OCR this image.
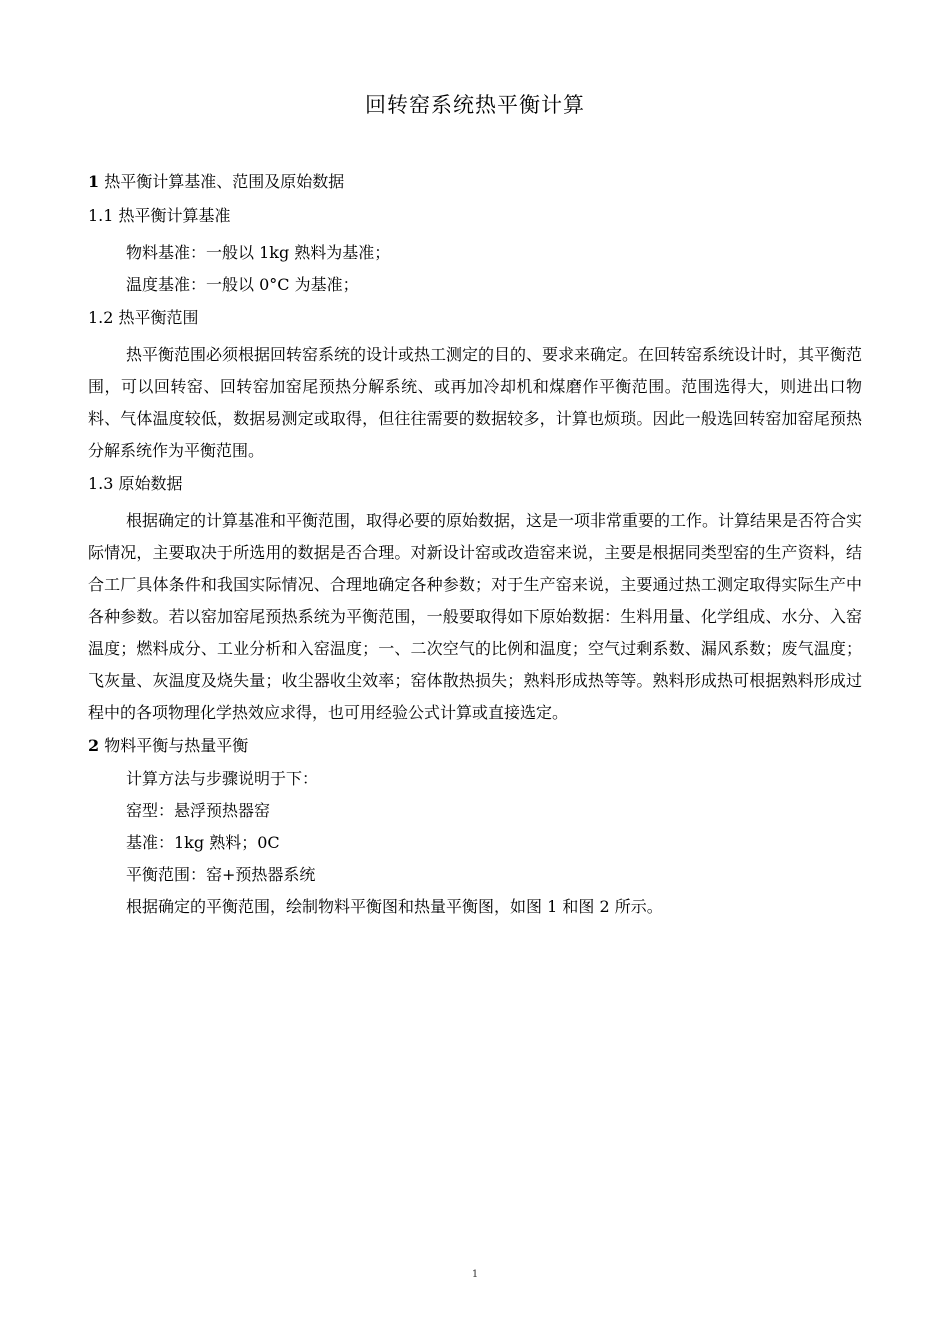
回转窑系统热平衡计算

1 热平衡计算基准、范围及原始数据

1.1 热平衡计算基准

物料基准：一般以 1kg 熟料为基准；

温度基准：一般以 0°C 为基准；

1.2 热平衡范围

热平衡范围必须根据回转窑系统的设计或热工测定的目的、要求来确定。在回转窑系统设计时，其平衡范围，可以回转窑、回转窑加窑尾预热分解系统、或再加冷却机和煤磨作平衡范围。范围选得大，则进出口物料、气体温度较低，数据易测定或取得，但往往需要的数据较多，计算也烦琐。因此一般选回转窑加窑尾预热分解系统作为平衡范围。

1.3 原始数据

根据确定的计算基准和平衡范围，取得必要的原始数据，这是一项非常重要的工作。计算结果是否符合实际情况，主要取决于所选用的数据是否合理。对新设计窑或改造窑来说，主要是根据同类型窑的生产资料，结合工厂具体条件和我国实际情况、合理地确定各种参数；对于生产窑来说，主要通过热工测定取得实际生产中各种参数。若以窑加窑尾预热系统为平衡范围，一般要取得如下原始数据：生料用量、化学组成、水分、入窑温度；燃料成分、工业分析和入窑温度；一、二次空气的比例和温度；空气过剩系数、漏风系数；废气温度；飞灰量、灰温度及烧失量；收尘器收尘效率；窑体散热损失；熟料形成热等等。熟料形成热可根据熟料形成过程中的各项物理化学热效应求得，也可用经验公式计算或直接选定。

2 物料平衡与热量平衡

计算方法与步骤说明于下：

窑型：悬浮预热器窑

基准：1kg 熟料；0C

平衡范围：窑+预热器系统

根据确定的平衡范围，绘制物料平衡图和热量平衡图，如图 1 和图 2 所示。

1
